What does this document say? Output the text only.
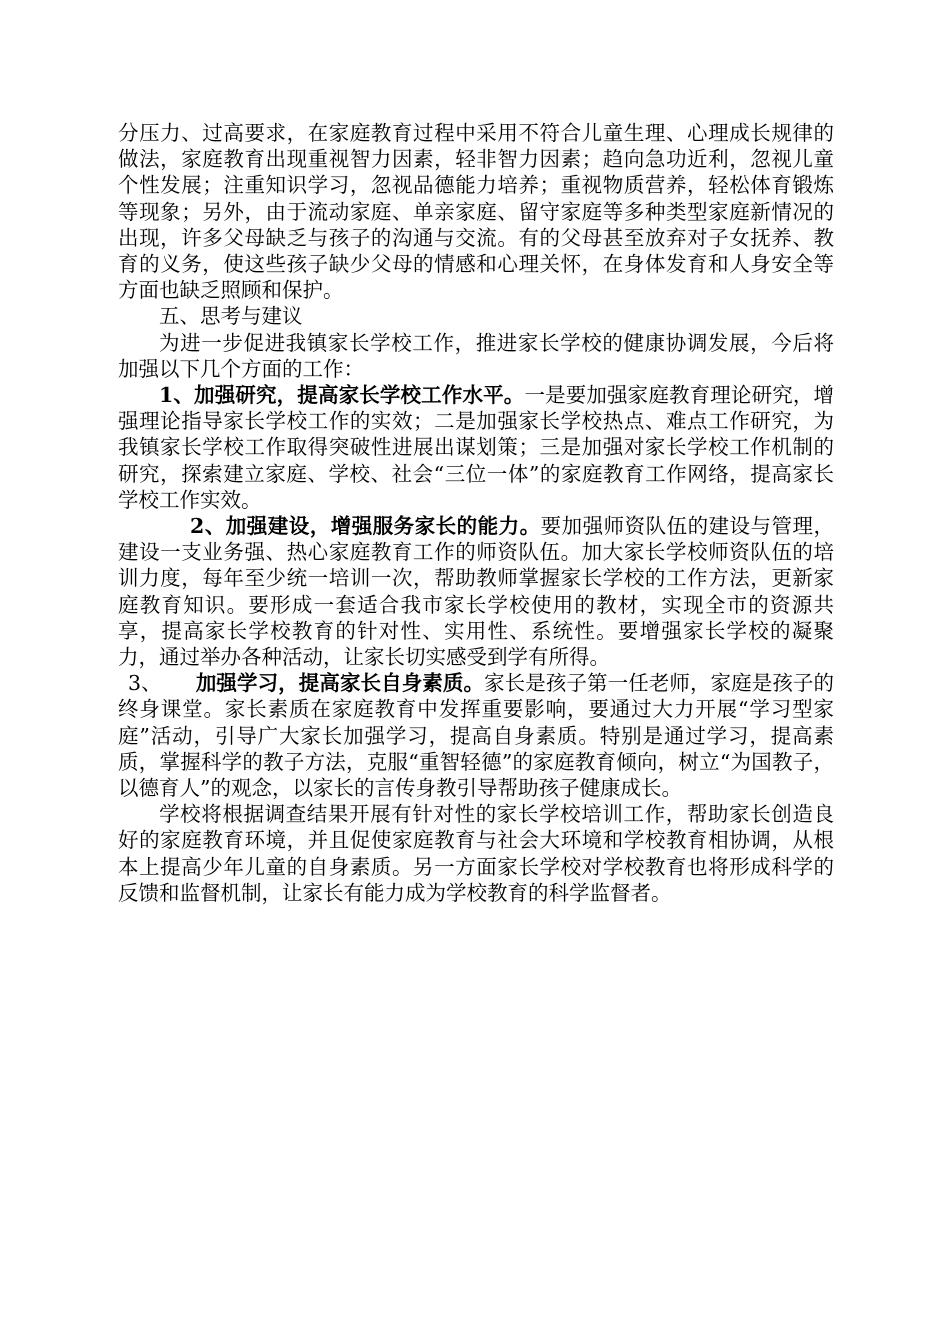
分压力、过高要求，在家庭教育过程中采用不符合儿童生理、心理成长规律的做法，家庭教育出现重视智力因素，轻非智力因素；趋向急功近利，忽视儿童个性发展；注重知识学习，忽视品德能力培养；重视物质营养，轻松体育锻炼等现象；另外，由于流动家庭、单亲家庭、留守家庭等多种类型家庭新情况的出现，许多父母缺乏与孩子的沟通与交流。有的父母甚至放弃对子女抚养、教育的义务，使这些孩子缺少父母的情感和心理关怀，在身体发育和人身安全等方面也缺乏照顾和保护。

五、思考与建议

为进一步促进我镇家长学校工作，推进家长学校的健康协调发展，今后将加强以下几个方面的工作：

1、加强研究，提高家长学校工作水平。一是要加强家庭教育理论研究，增强理论指导家长学校工作的实效；二是加强家长学校热点、难点工作研究，为我镇家长学校工作取得突破性进展出谋划策；三是加强对家长学校工作机制的研究，探索建立家庭、学校、社会“三位一体”的家庭教育工作网络，提高家长学校工作实效。

2、加强建设，增强服务家长的能力。要加强师资队伍的建设与管理，建设一支业务强、热心家庭教育工作的师资队伍。加大家长学校师资队伍的培训力度，每年至少统一培训一次，帮助教师掌握家长学校的工作方法，更新家庭教育知识。要形成一套适合我市家长学校使用的教材，实现全市的资源共享，提高家长学校教育的针对性、实用性、系统性。要增强家长学校的凝聚力，通过举办各种活动，让家长切实感受到学有所得。

3、 加强学习，提高家长自身素质。家长是孩子第一任老师，家庭是孩子的终身课堂。家长素质在家庭教育中发挥重要影响，要通过大力开展“学习型家庭”活动，引导广大家长加强学习，提高自身素质。特别是通过学习，提高素质，掌握科学的教子方法，克服“重智轻德”的家庭教育倾向，树立“为国教子，以德育人”的观念，以家长的言传身教引导帮助孩子健康成长。

学校将根据调查结果开展有针对性的家长学校培训工作，帮助家长创造良好的家庭教育环境，并且促使家庭教育与社会大环境和学校教育相协调，从根本上提高少年儿童的自身素质。另一方面家长学校对学校教育也将形成科学的反馈和监督机制，让家长有能力成为学校教育的科学监督者。
